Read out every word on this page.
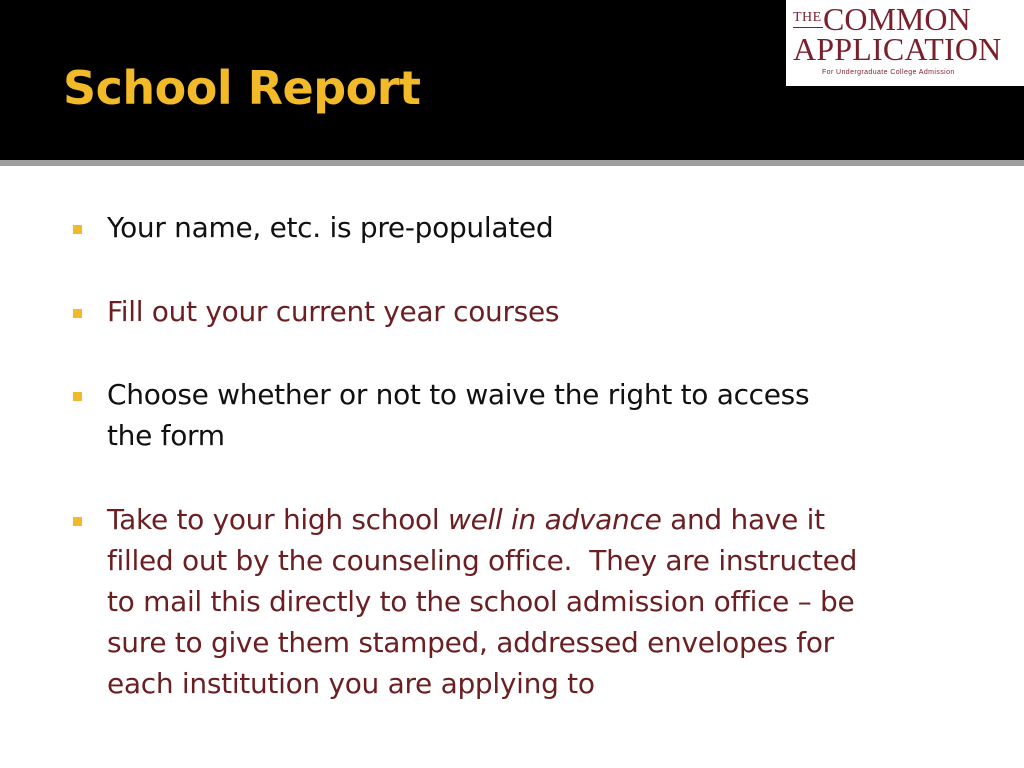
School Report
THE COMMON
APPLICATION
For Undergraduate College Admission
Your name, etc. is pre-populated
Fill out your current year courses
Choose whether or not to waive the right to access
the form
Take to your high school well in advance and have it
filled out by the counseling office.  They are instructed
to mail this directly to the school admission office – be
sure to give them stamped, addressed envelopes for
each institution you are applying to
